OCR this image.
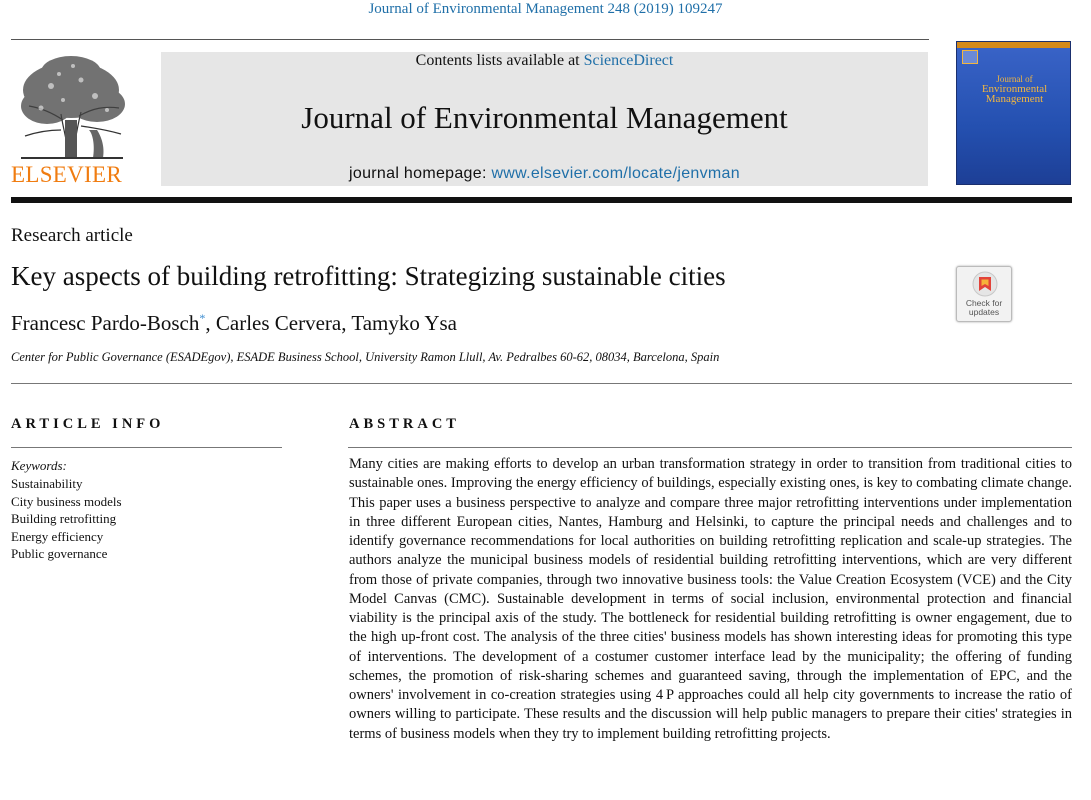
Journal of Environmental Management 248 (2019) 109247
ELSEVIER
Contents lists available at ScienceDirect
Journal of Environmental Management
journal homepage: www.elsevier.com/locate/jenvman
Journal of
Environmental
Management
Research article
Key aspects of building retrofitting: Strategizing sustainable cities
Check for
updates
Francesc Pardo-Bosch*, Carles Cervera, Tamyko Ysa
Center for Public Governance (ESADEgov), ESADE Business School, University Ramon Llull, Av. Pedralbes 60-62, 08034, Barcelona, Spain
ARTICLE INFO	ABSTRACT
Keywords:
Sustainability
City business models
Building retrofitting
Energy efficiency
Public governance

Many cities are making efforts to develop an urban transformation strategy in order to transition from traditional cities to sustainable ones. Improving the energy efficiency of buildings, especially existing ones, is key to combating climate change. This paper uses a business perspective to analyze and compare three major retrofitting interventions under implementation in three different European cities, Nantes, Hamburg and Helsinki, to capture the principal needs and challenges and to identify governance recommendations for local authorities on building retrofitting replication and scale-up strategies. The authors analyze the municipal business models of residential building retrofitting interventions, which are very different from those of private companies, through two innovative business tools: the Value Creation Ecosystem (VCE) and the City Model Canvas (CMC). Sustainable development in terms of social inclusion, environmental protection and financial viability is the principal axis of the study. The bottleneck for residential building retrofitting is owner engagement, due to the high up-front cost. The analysis of the three cities' business models has shown interesting ideas for promoting this type of interventions. The development of a costumer customer interface lead by the municipality; the offering of funding schemes, the promotion of risk-sharing schemes and guaranteed saving, through the implementation of EPC, and the owners' involvement in co-creation strategies using 4 P approaches could all help city governments to increase the ratio of owners willing to participate. These results and the discussion will help public managers to prepare their cities' strategies in terms of business models when they try to implement building retrofitting projects.
